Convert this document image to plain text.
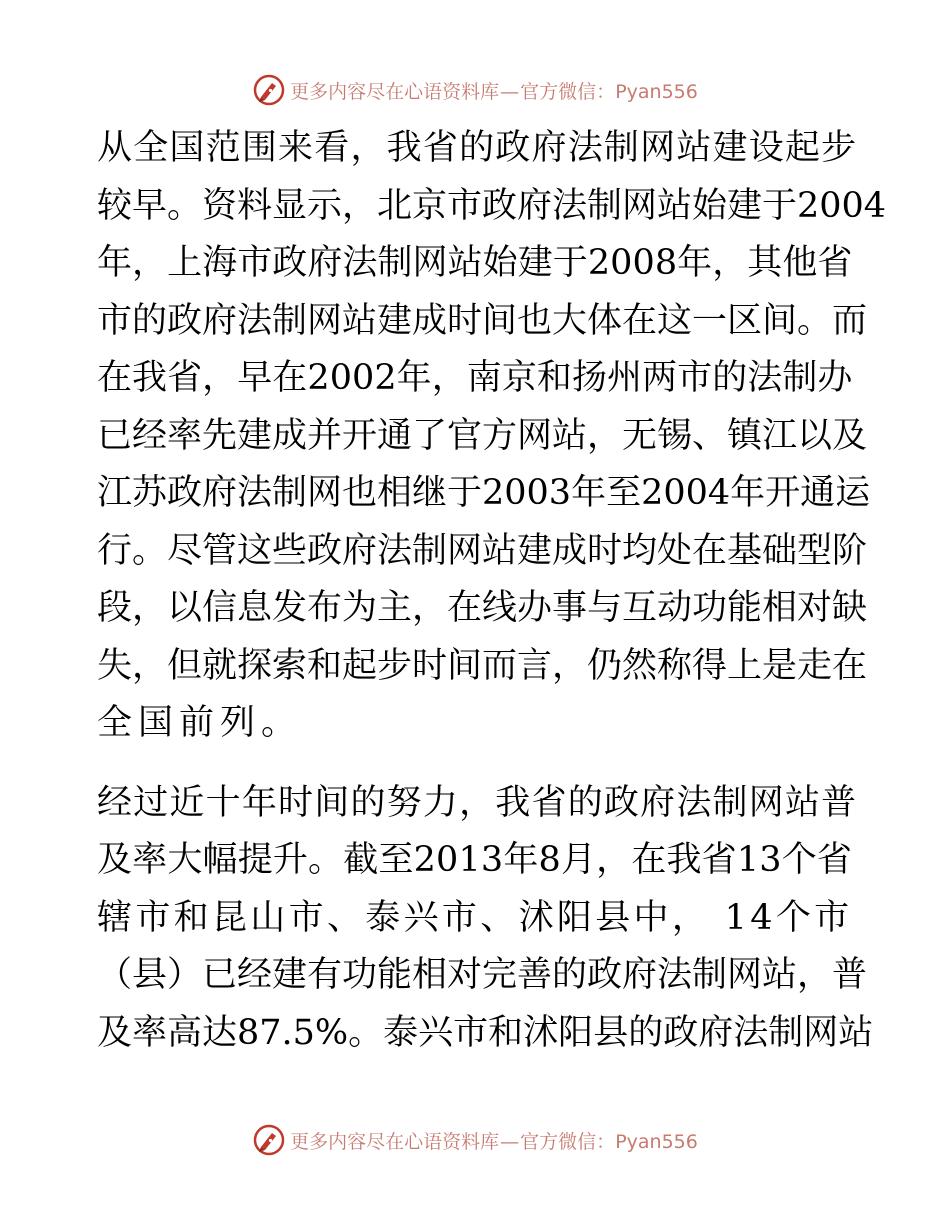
更多内容尽在心语资料库—官方微信：Pyan556

从全国范围来看，我省的政府法制网站建设起步
较早。资料显示，北京市政府法制网站始建于2004
年，上海市政府法制网站始建于2008年，其他省
市的政府法制网站建成时间也大体在这一区间。而
在我省，早在2002年，南京和扬州两市的法制办
已经率先建成并开通了官方网站，无锡、镇江以及
江苏政府法制网也相继于2003年至2004年开通运
行。尽管这些政府法制网站建成时均处在基础型阶
段，以信息发布为主，在线办事与互动功能相对缺
失，但就探索和起步时间而言，仍然称得上是走在
全国前列。

经过近十年时间的努力，我省的政府法制网站普
及率大幅提升。截至2013年8月，在我省13个省
辖市和昆山市、泰兴市、沭阳县中， 14个市
（县）已经建有功能相对完善的政府法制网站，普
及率高达87.5%。泰兴市和沭阳县的政府法制网站

更多内容尽在心语资料库—官方微信：Pyan556
